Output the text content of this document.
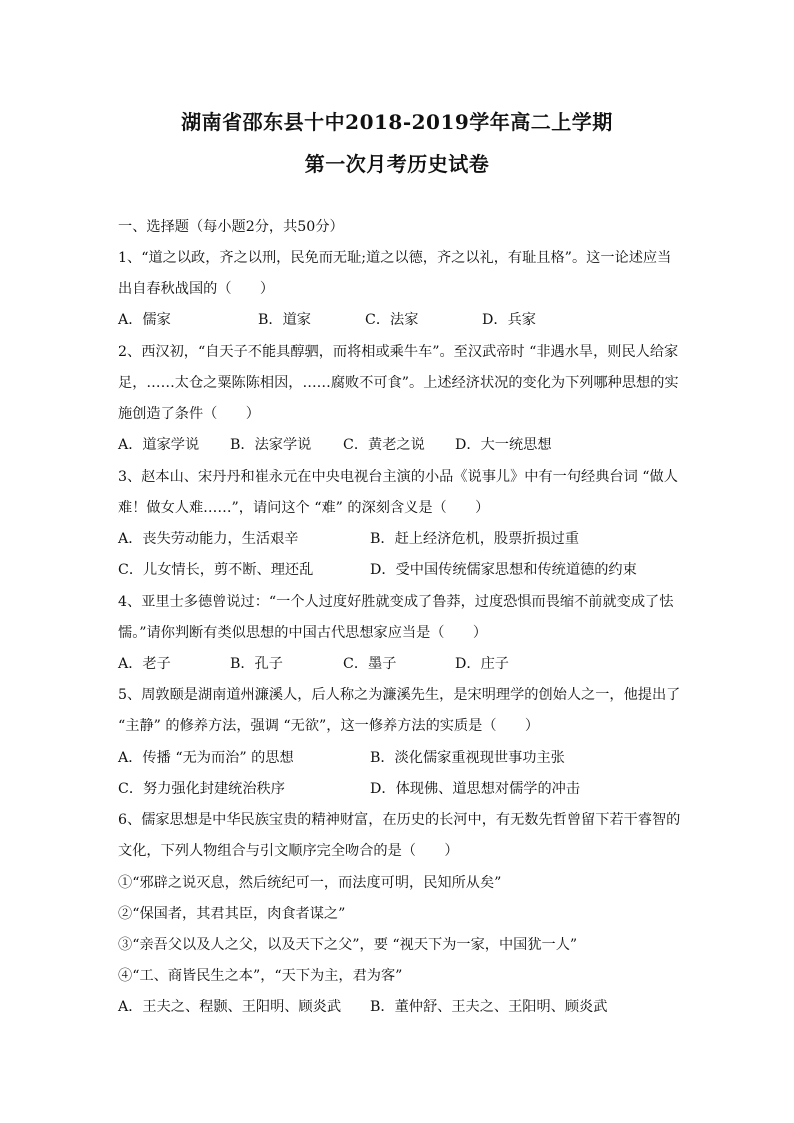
湖南省邵东县十中2018-2019学年高二上学期
第一次月考历史试卷
一、选择题（每小题2分，共50分）
1、“道之以政，齐之以刑，民免而无耻;道之以德，齐之以礼，有耻且格”。这一论述应当
出自春秋战国的（　　）
A．儒家	B．道家	C．法家	D．兵家
2、西汉初，“自天子不能具醇驷，而将相或乘牛车”。至汉武帝时 “非遇水旱，则民人给家
足，……太仓之粟陈陈相因，……腐败不可食”。上述经济状况的变化为下列哪种思想的实
施创造了条件（　　）
A．道家学说 B．法家学说 C．黄老之说 D．大一统思想
3、赵本山、宋丹丹和崔永元在中央电视台主演的小品《说事儿》中有一句经典台词 “做人
难！做女人难……”，请问这个 “难” 的深刻含义是（　　）
A．丧失劳动能力，生活艰辛	B．赶上经济危机，股票折损过重
C．儿女情长，剪不断、理还乱	D．受中国传统儒家思想和传统道德的约束
4、亚里士多德曾说过：“一个人过度好胜就变成了鲁莽，过度恐惧而畏缩不前就变成了怯
懦。”请你判断有类似思想的中国古代思想家应当是（　　）
A．老子	B．孔子	C．墨子	D．庄子
5、周敦颐是湖南道州濂溪人，后人称之为濂溪先生，是宋明理学的创始人之一，他提出了
“主静” 的修养方法，强调 “无欲”，这一修养方法的实质是（　　）
A．传播 “无为而治” 的思想	B．淡化儒家重视现世事功主张
C．努力强化封建统治秩序	D．体现佛、道思想对儒学的冲击
6、儒家思想是中华民族宝贵的精神财富，在历史的长河中，有无数先哲曾留下若干睿智的
文化，下列人物组合与引文顺序完全吻合的是（　　）
①“邪辟之说灭息，然后统纪可一，而法度可明，民知所从矣”
②“保国者，其君其臣，肉食者谋之”
③“亲吾父以及人之父，以及天下之父”，要 “视天下为一家，中国犹一人”
④“工、商皆民生之本”，“天下为主，君为客”
A．王夫之、程颢、王阳明、顾炎武 B．董仲舒、王夫之、王阳明、顾炎武
